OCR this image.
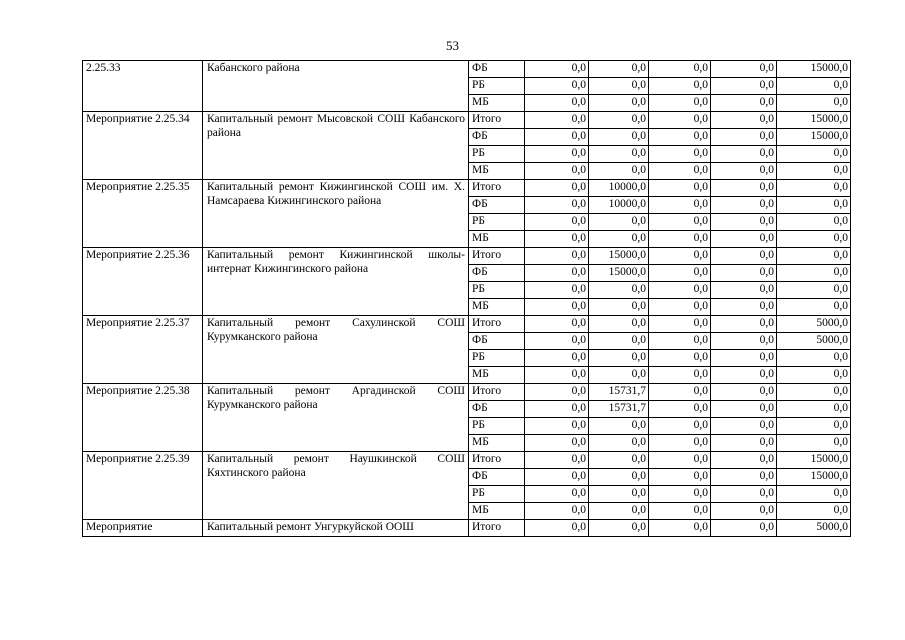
53
2.25.33	Кабанского района	ФБ	0,0	0,0	0,0	0,0	15000,0
		РБ	0,0	0,0	0,0	0,0	0,0
		МБ	0,0	0,0	0,0	0,0	0,0
Мероприятие 2.25.34	Капитальный ремонт Мысовской СОШ Кабанского района	Итого	0,0	0,0	0,0	0,0	15000,0
		ФБ	0,0	0,0	0,0	0,0	15000,0
		РБ	0,0	0,0	0,0	0,0	0,0
		МБ	0,0	0,0	0,0	0,0	0,0
Мероприятие 2.25.35	Капитальный ремонт Кижингинской СОШ им. Х. Намсараева Кижингинского района	Итого	0,0	10000,0	0,0	0,0	0,0
		ФБ	0,0	10000,0	0,0	0,0	0,0
		РБ	0,0	0,0	0,0	0,0	0,0
		МБ	0,0	0,0	0,0	0,0	0,0
Мероприятие 2.25.36	Капитальный ремонт Кижингинской школы-интернат Кижингинского района	Итого	0,0	15000,0	0,0	0,0	0,0
		ФБ	0,0	15000,0	0,0	0,0	0,0
		РБ	0,0	0,0	0,0	0,0	0,0
		МБ	0,0	0,0	0,0	0,0	0,0
Мероприятие 2.25.37	Капитальный ремонт Сахулинской СОШ Курумканского района	Итого	0,0	0,0	0,0	0,0	5000,0
		ФБ	0,0	0,0	0,0	0,0	5000,0
		РБ	0,0	0,0	0,0	0,0	0,0
		МБ	0,0	0,0	0,0	0,0	0,0
Мероприятие 2.25.38	Капитальный ремонт Аргадинской СОШ Курумканского района	Итого	0,0	15731,7	0,0	0,0	0,0
		ФБ	0,0	15731,7	0,0	0,0	0,0
		РБ	0,0	0,0	0,0	0,0	0,0
		МБ	0,0	0,0	0,0	0,0	0,0
Мероприятие 2.25.39	Капитальный ремонт Наушкинской СОШ Кяхтинского района	Итого	0,0	0,0	0,0	0,0	15000,0
		ФБ	0,0	0,0	0,0	0,0	15000,0
		РБ	0,0	0,0	0,0	0,0	0,0
		МБ	0,0	0,0	0,0	0,0	0,0
Мероприятие	Капитальный ремонт Унгуркуйской ООШ	Итого	0,0	0,0	0,0	0,0	5000,0
